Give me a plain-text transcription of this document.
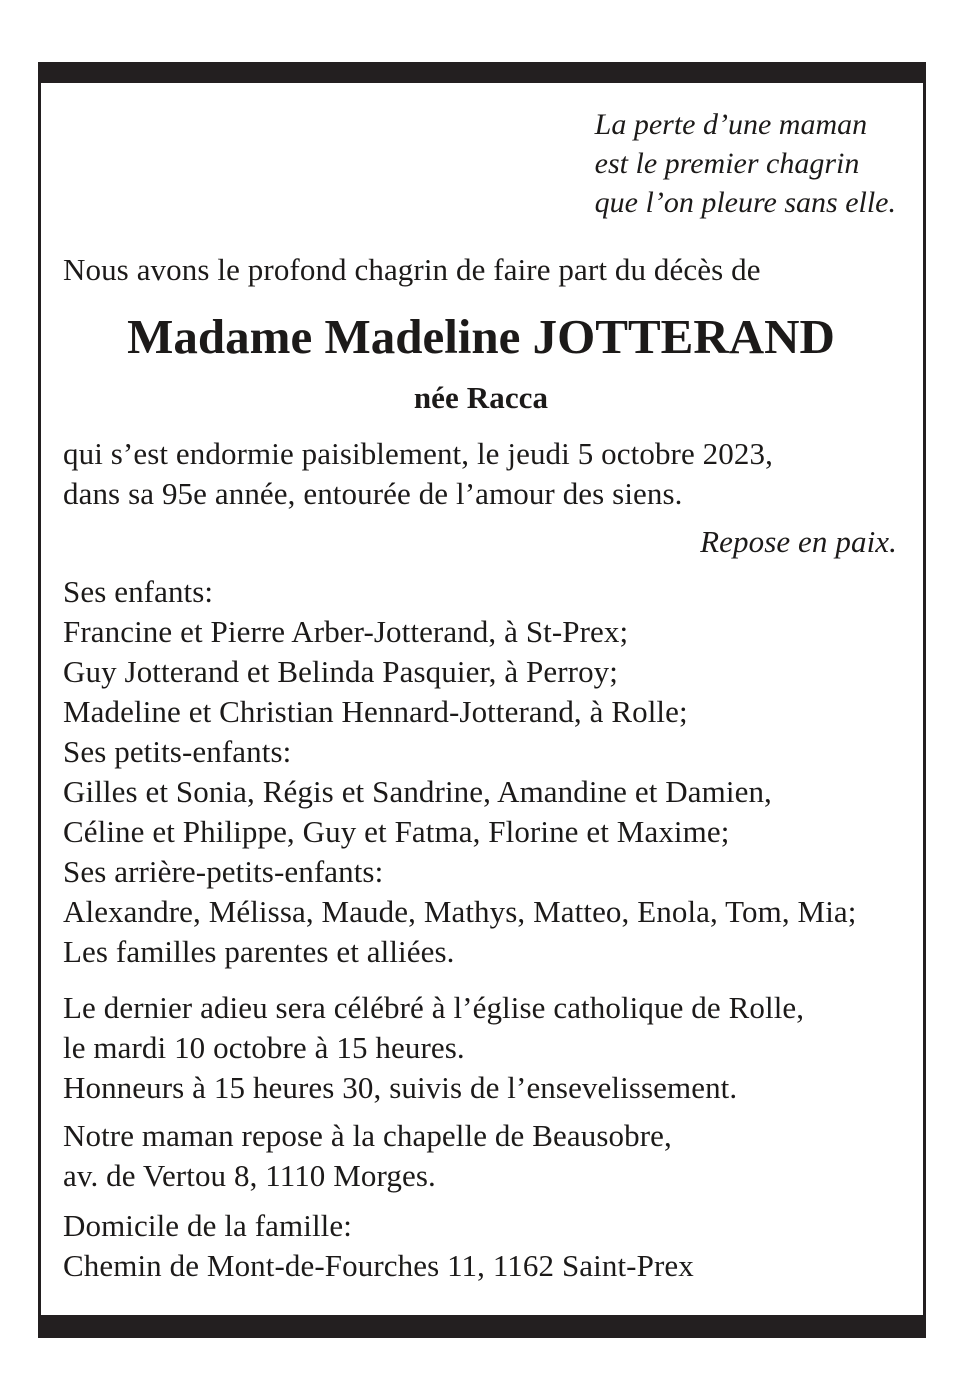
La perte d’une maman
est le premier chagrin
que l’on pleure sans elle.
Nous avons le profond chagrin de faire part du décès de
Madame Madeline JOTTERAND
née Racca
qui s’est endormie paisiblement, le jeudi 5 octobre 2023,
dans sa 95e année, entourée de l’amour des siens.
Repose en paix.
Ses enfants:
Francine et Pierre Arber-Jotterand, à St-Prex;
Guy Jotterand et Belinda Pasquier, à Perroy;
Madeline et Christian Hennard-Jotterand, à Rolle;
Ses petits-enfants:
Gilles et Sonia, Régis et Sandrine, Amandine et Damien,
Céline et Philippe, Guy et Fatma, Florine et Maxime;
Ses arrière-petits-enfants:
Alexandre, Mélissa, Maude, Mathys, Matteo, Enola, Tom, Mia;
Les familles parentes et alliées.
Le dernier adieu sera célébré à l’église catholique de Rolle,
le mardi 10 octobre à 15 heures.
Honneurs à 15 heures 30, suivis de l’ensevelissement.
Notre maman repose à la chapelle de Beausobre,
av. de Vertou 8, 1110 Morges.
Domicile de la famille:
Chemin de Mont-de-Fourches 11, 1162 Saint-Prex
